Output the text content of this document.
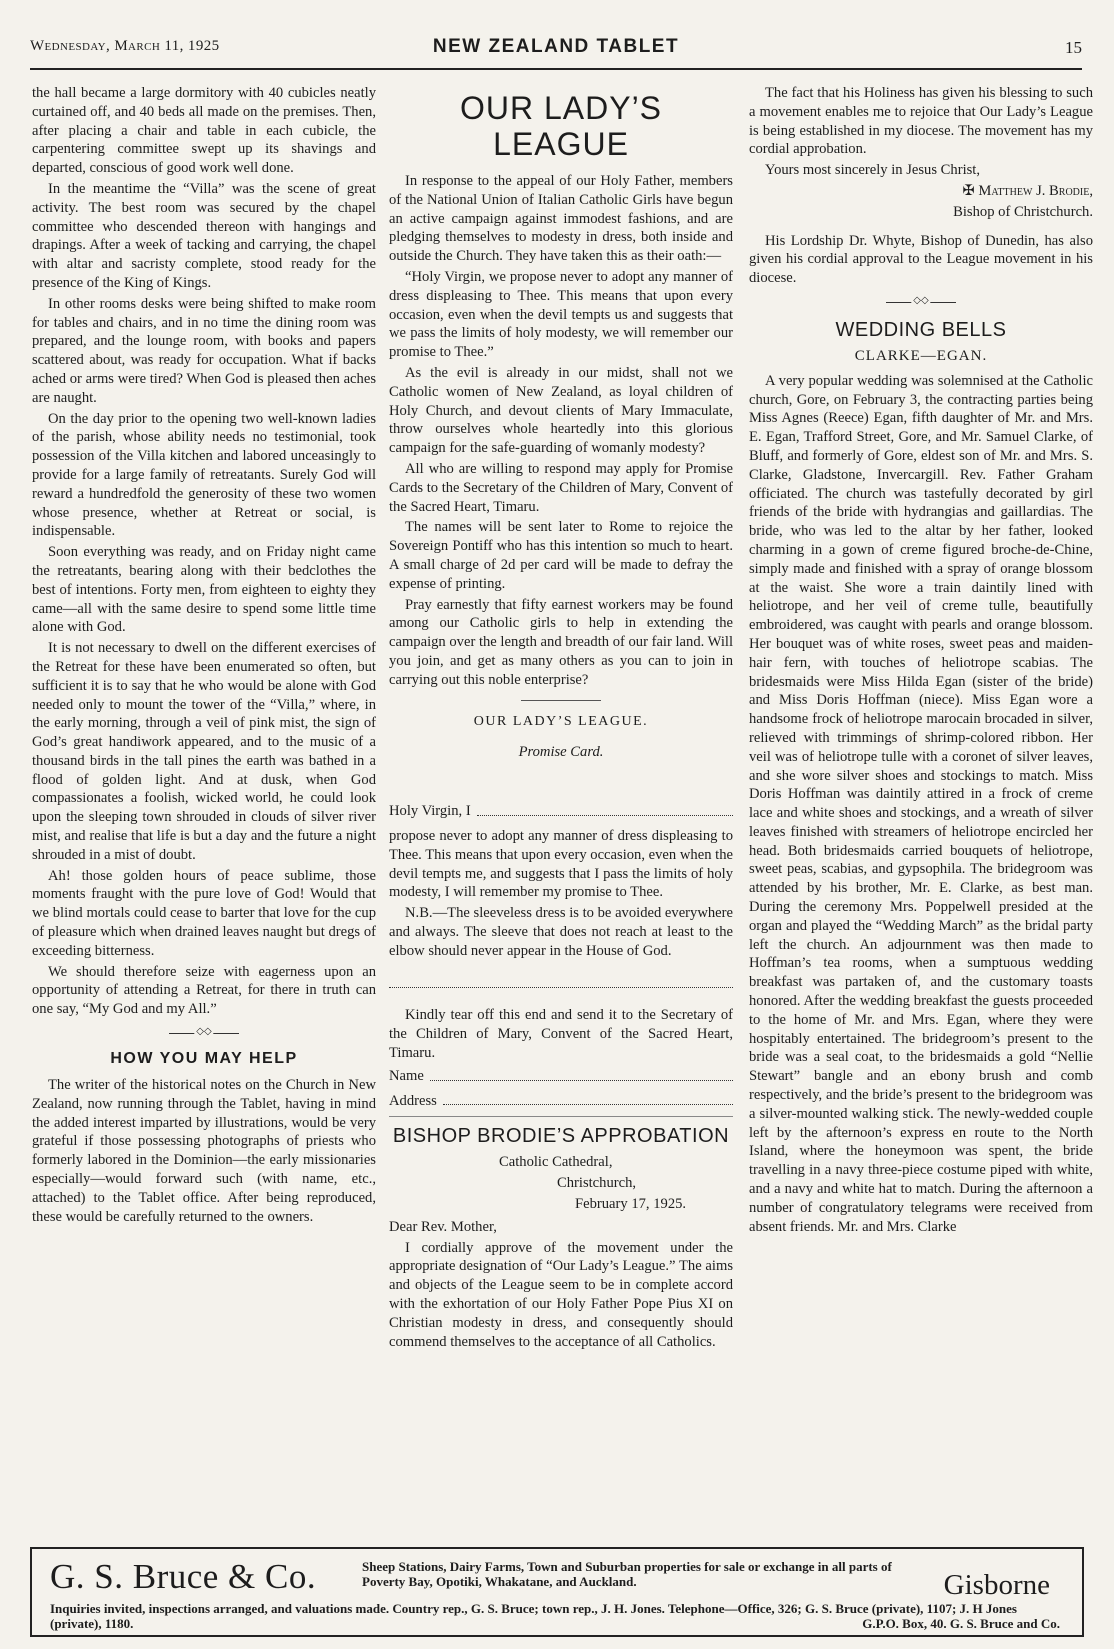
Wednesday, March 11, 1925	NEW ZEALAND TABLET	15

the hall became a large dormitory with 40 cubicles neatly curtained off, and 40 beds all made on the premises. Then, after placing a chair and table in each cubicle, the carpentering committee swept up its shavings and departed, conscious of good work well done.

In the meantime the “Villa” was the scene of great activity. The best room was secured by the chapel committee who descended thereon with hangings and drapings. After a week of tacking and carrying, the chapel with altar and sacristy complete, stood ready for the presence of the King of Kings.

In other rooms desks were being shifted to make room for tables and chairs, and in no time the dining room was prepared, and the lounge room, with books and papers scattered about, was ready for occupation. What if backs ached or arms were tired? When God is pleased then aches are naught.

On the day prior to the opening two well-known ladies of the parish, whose ability needs no testimonial, took possession of the Villa kitchen and labored unceasingly to provide for a large family of retreatants. Surely God will reward a hundredfold the generosity of these two women whose presence, whether at Retreat or social, is indispensable.

Soon everything was ready, and on Friday night came the retreatants, bearing along with their bedclothes the best of intentions. Forty men, from eighteen to eighty they came—all with the same desire to spend some little time alone with God.

It is not necessary to dwell on the different exercises of the Retreat for these have been enumerated so often, but sufficient it is to say that he who would be alone with God needed only to mount the tower of the “Villa,” where, in the early morning, through a veil of pink mist, the sign of God’s great handiwork appeared, and to the music of a thousand birds in the tall pines the earth was bathed in a flood of golden light. And at dusk, when God compassionates a foolish, wicked world, he could look upon the sleeping town shrouded in clouds of silver river mist, and realise that life is but a day and the future a night shrouded in a mist of doubt.

Ah! those golden hours of peace sublime, those moments fraught with the pure love of God! Would that we blind mortals could cease to barter that love for the cup of pleasure which when drained leaves naught but dregs of exceeding bitterness.

We should therefore seize with eagerness upon an opportunity of attending a Retreat, for there in truth can one say, “My God and my All.”

◇◇
HOW YOU MAY HELP

The writer of the historical notes on the Church in New Zealand, now running through the Tablet, having in mind the added interest imparted by illustrations, would be very grateful if those possessing photographs of priests who formerly labored in the Dominion—the early missionaries especially—would forward such (with name, etc., attached) to the Tablet office. After being reproduced, these would be carefully returned to the owners.

OUR LADY’S LEAGUE

In response to the appeal of our Holy Father, members of the National Union of Italian Catholic Girls have begun an active campaign against immodest fashions, and are pledging themselves to modesty in dress, both inside and outside the Church. They have taken this as their oath:—

“Holy Virgin, we propose never to adopt any manner of dress displeasing to Thee. This means that upon every occasion, even when the devil tempts us and suggests that we pass the limits of holy modesty, we will remember our promise to Thee.”

As the evil is already in our midst, shall not we Catholic women of New Zealand, as loyal children of Holy Church, and devout clients of Mary Immaculate, throw ourselves whole heartedly into this glorious campaign for the safe-guarding of womanly modesty?

All who are willing to respond may apply for Promise Cards to the Secretary of the Children of Mary, Convent of the Sacred Heart, Timaru.

The names will be sent later to Rome to rejoice the Sovereign Pontiff who has this intention so much to heart. A small charge of 2d per card will be made to defray the expense of printing.

Pray earnestly that fifty earnest workers may be found among our Catholic girls to help in extending the campaign over the length and breadth of our fair land. Will you join, and get as many others as you can to join in carrying out this noble enterprise?

OUR LADY’S LEAGUE.
Promise Card.
Holy Virgin, I

propose never to adopt any manner of dress displeasing to Thee. This means that upon every occasion, even when the devil tempts me, and suggests that I pass the limits of holy modesty, I will remember my promise to Thee.

N.B.—The sleeveless dress is to be avoided everywhere and always. The sleeve that does not reach at least to the elbow should never appear in the House of God.

Kindly tear off this end and send it to the Secretary of the Children of Mary, Convent of the Sacred Heart, Timaru.

Name
Address
BISHOP BRODIE’S APPROBATION

Catholic Cathedral,

Christchurch,

February 17, 1925.

Dear Rev. Mother,

I cordially approve of the movement under the appropriate designation of “Our Lady’s League.” The aims and objects of the League seem to be in complete accord with the exhortation of our Holy Father Pope Pius XI on Christian modesty in dress, and consequently should commend themselves to the acceptance of all Catholics.

The fact that his Holiness has given his blessing to such a movement enables me to rejoice that Our Lady’s League is being established in my diocese. The movement has my cordial approbation.

Yours most sincerely in Jesus Christ,

✠ Matthew J. Brodie,

Bishop of Christchurch.

His Lordship Dr. Whyte, Bishop of Dunedin, has also given his cordial approval to the League movement in his diocese.

◇◇
WEDDING BELLS
CLARKE—EGAN.

A very popular wedding was solemnised at the Catholic church, Gore, on February 3, the contracting parties being Miss Agnes (Reece) Egan, fifth daughter of Mr. and Mrs. E. Egan, Trafford Street, Gore, and Mr. Samuel Clarke, of Bluff, and formerly of Gore, eldest son of Mr. and Mrs. S. Clarke, Gladstone, Invercargill. Rev. Father Graham officiated. The church was tastefully decorated by girl friends of the bride with hydrangias and gaillardias. The bride, who was led to the altar by her father, looked charming in a gown of creme figured broche-de-Chine, simply made and finished with a spray of orange blossom at the waist. She wore a train daintily lined with heliotrope, and her veil of creme tulle, beautifully embroidered, was caught with pearls and orange blossom. Her bouquet was of white roses, sweet peas and maiden-hair fern, with touches of heliotrope scabias. The bridesmaids were Miss Hilda Egan (sister of the bride) and Miss Doris Hoffman (niece). Miss Egan wore a handsome frock of heliotrope marocain brocaded in silver, relieved with trimmings of shrimp-colored ribbon. Her veil was of heliotrope tulle with a coronet of silver leaves, and she wore silver shoes and stockings to match. Miss Doris Hoffman was daintily attired in a frock of creme lace and white shoes and stockings, and a wreath of silver leaves finished with streamers of heliotrope encircled her head. Both bridesmaids carried bouquets of heliotrope, sweet peas, scabias, and gypsophila. The bridegroom was attended by his brother, Mr. E. Clarke, as best man. During the ceremony Mrs. Poppelwell presided at the organ and played the “Wedding March” as the bridal party left the church. An adjournment was then made to Hoffman’s tea rooms, when a sumptuous wedding breakfast was partaken of, and the customary toasts honored. After the wedding breakfast the guests proceeded to the home of Mr. and Mrs. Egan, where they were hospitably entertained. The bridegroom’s present to the bride was a seal coat, to the bridesmaids a gold “Nellie Stewart” bangle and an ebony brush and comb respectively, and the bride’s present to the bridegroom was a silver-mounted walking stick. The newly-wedded couple left by the afternoon’s express en route to the North Island, where the honeymoon was spent, the bride travelling in a navy three-piece costume piped with white, and a navy and white hat to match. During the afternoon a number of congratulatory telegrams were received from absent friends. Mr. and Mrs. Clarke

G. S. Bruce & Co.	Sheep Stations, Dairy Farms, Town and Suburban properties for sale or exchange in all parts of Poverty Bay, Opotiki, Whakatane, and Auckland.	Gisborne
Inquiries invited, inspections arranged, and valuations made. Country rep., G. S. Bruce; town rep., J. H. Jones. Telephone—Office, 326; G. S. Bruce (private), 1107; J. H Jones (private), 1180.	G.P.O. Box, 40. G. S. Bruce and Co.
